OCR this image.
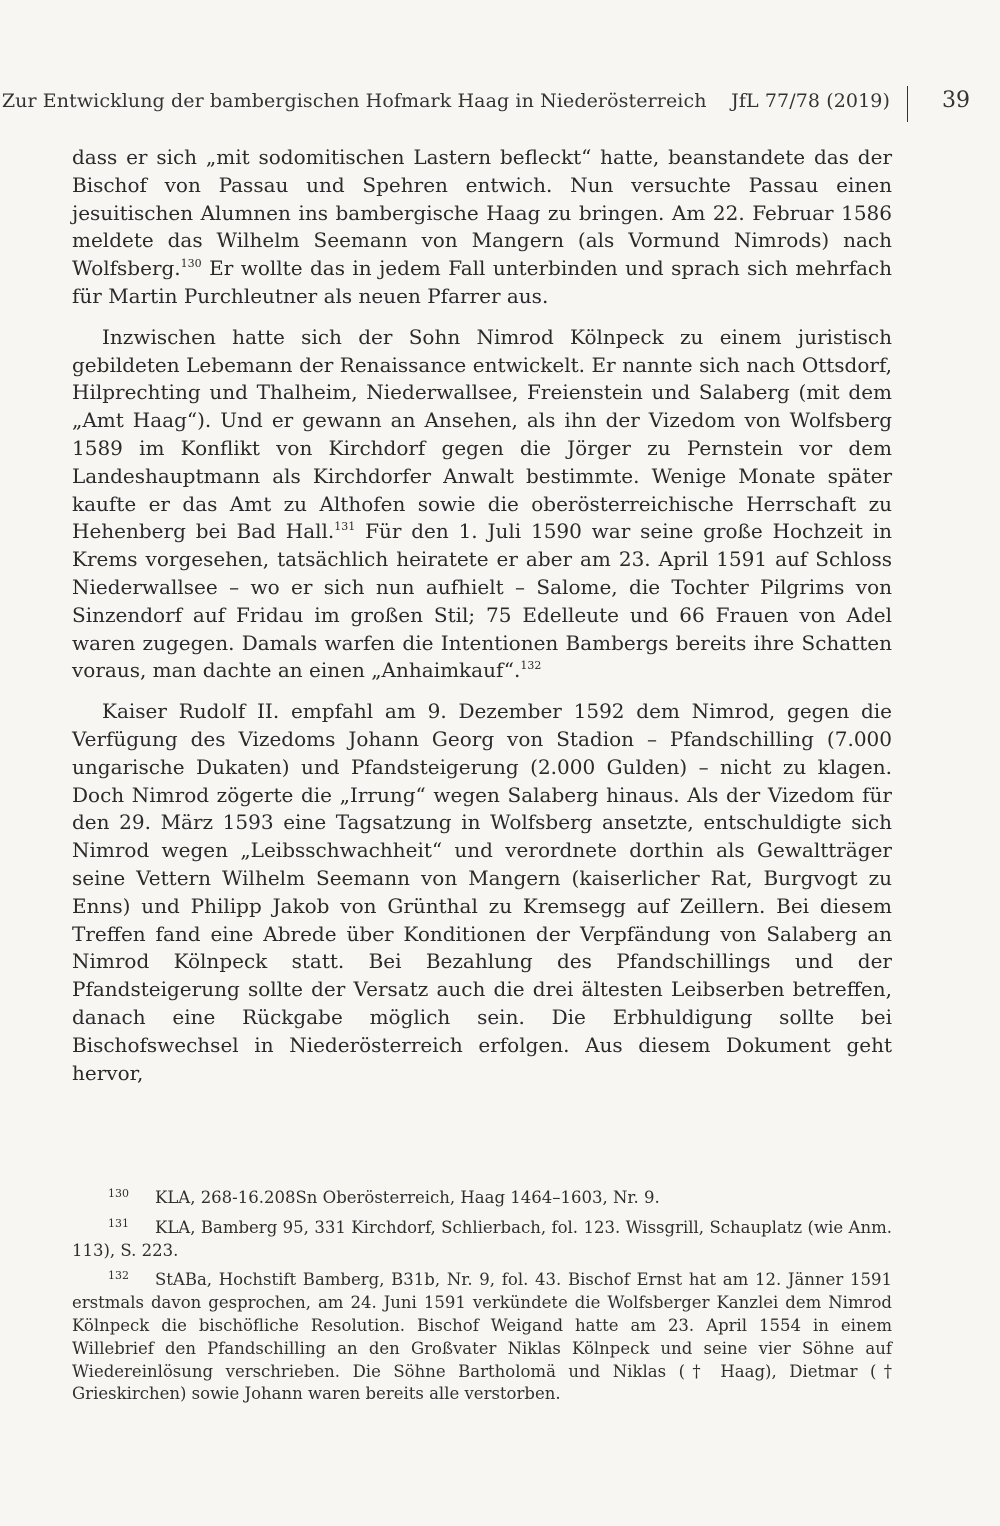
Zur Entwicklung der bambergischen Hofmark Haag in Niederösterreich JfL 77/78 (2019) 39

dass er sich „mit sodomitischen Lastern befleckt“ hatte, beanstandete das der Bischof von Passau und Spehren entwich. Nun versuchte Passau einen jesuitischen Alumnen ins bambergische Haag zu bringen. Am 22. Februar 1586 meldete das Wilhelm Seemann von Mangern (als Vormund Nimrods) nach Wolfsberg.$^{130}$ Er wollte das in jedem Fall unterbinden und sprach sich mehrfach für Martin Purchleutner als neuen Pfarrer aus.

Inzwischen hatte sich der Sohn Nimrod Kölnpeck zu einem juristisch gebildeten Lebemann der Renaissance entwickelt. Er nannte sich nach Ottsdorf, Hilprechting und Thalheim, Niederwallsee, Freienstein und Salaberg (mit dem „Amt Haag“). Und er gewann an Ansehen, als ihn der Vizedom von Wolfsberg 1589 im Konflikt von Kirchdorf gegen die Jörger zu Pernstein vor dem Landeshauptmann als Kirchdorfer Anwalt bestimmte. Wenige Monate später kaufte er das Amt zu Althofen sowie die oberösterreichische Herrschaft zu Hehenberg bei Bad Hall.$^{131}$ Für den 1. Juli 1590 war seine große Hochzeit in Krems vorgesehen, tatsächlich heiratete er aber am 23. April 1591 auf Schloss Niederwallsee – wo er sich nun aufhielt – Salome, die Tochter Pilgrims von Sinzendorf auf Fridau im großen Stil; 75 Edelleute und 66 Frauen von Adel waren zugegen. Damals warfen die Intentionen Bambergs bereits ihre Schatten voraus, man dachte an einen „Anhaimkauf“.$^{132}$

Kaiser Rudolf II. empfahl am 9. Dezember 1592 dem Nimrod, gegen die Verfügung des Vizedoms Johann Georg von Stadion – Pfandschilling (7.000 ungarische Dukaten) und Pfandsteigerung (2.000 Gulden) – nicht zu klagen. Doch Nimrod zögerte die „Irrung“ wegen Salaberg hinaus. Als der Vizedom für den 29. März 1593 eine Tagsatzung in Wolfsberg ansetzte, entschuldigte sich Nimrod wegen „Leibsschwachheit“ und verordnete dorthin als Gewaltträger seine Vettern Wilhelm Seemann von Mangern (kaiserlicher Rat, Burgvogt zu Enns) und Philipp Jakob von Grünthal zu Kremsegg auf Zeillern. Bei diesem Treffen fand eine Abrede über Konditionen der Verpfändung von Salaberg an Nimrod Kölnpeck statt. Bei Bezahlung des Pfandschillings und der Pfandsteigerung sollte der Versatz auch die drei ältesten Leibserben betreffen, danach eine Rückgabe möglich sein. Die Erbhuldigung sollte bei Bischofswechsel in Niederösterreich erfolgen. Aus diesem Dokument geht hervor,

$^{130}$ KLA, 268-16.208Sn Oberösterreich, Haag 1464–1603, Nr. 9.
$^{131}$ KLA, Bamberg 95, 331 Kirchdorf, Schlierbach, fol. 123. Wissgrill, Schauplatz (wie Anm. 113), S. 223.
$^{132}$ StABa, Hochstift Bamberg, B31b, Nr. 9, fol. 43. Bischof Ernst hat am 12. Jänner 1591 erstmals davon gesprochen, am 24. Juni 1591 verkündete die Wolfsberger Kanzlei dem Nimrod Kölnpeck die bischöfliche Resolution. Bischof Weigand hatte am 23. April 1554 in einem Willebrief den Pfandschilling an den Großvater Niklas Kölnpeck und seine vier Söhne auf Wiedereinlösung verschrieben. Die Söhne Bartholomä und Niklas († Haag), Dietmar († Grieskirchen) sowie Johann waren bereits alle verstorben.
